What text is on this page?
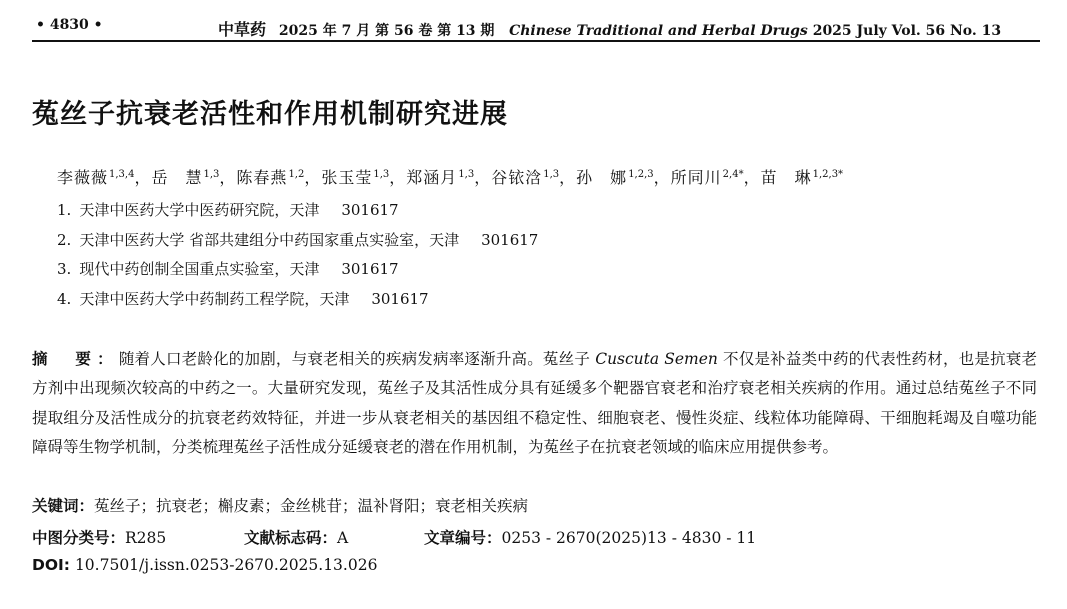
• 4830 •	中草药 2025 年 7 月 第 56 卷 第 13 期 Chinese Traditional and Herbal Drugs 2025 July Vol. 56 No. 13
菟丝子抗衰老活性和作用机制研究进展
李薇薇$^{1,3,4}$，岳　慧$^{1,3}$，陈春燕$^{1,2}$，张玉莹$^{1,3}$，郑涵月$^{1,3}$，谷铱浛$^{1,3}$，孙　娜$^{1,2,3}$，所同川$^{2,4*}$，苗　琳$^{1,2,3*}$
1. 天津中医药大学中医药研究院，天津 301617
2. 天津中医药大学 省部共建组分中药国家重点实验室，天津 301617
3. 现代中药创制全国重点实验室，天津 301617
4. 天津中医药大学中药制药工程学院，天津 301617
摘　要：随着人口老龄化的加剧，与衰老相关的疾病发病率逐渐升高。菟丝子 Cuscuta Semen 不仅是补益类中药的代表性药材，也是抗衰老方剂中出现频次较高的中药之一。大量研究发现，菟丝子及其活性成分具有延缓多个靶器官衰老和治疗衰老相关疾病的作用。通过总结菟丝子不同提取组分及活性成分的抗衰老药效特征，并进一步从衰老相关的基因组不稳定性、细胞衰老、慢性炎症、线粒体功能障碍、干细胞耗竭及自噬功能障碍等生物学机制，分类梳理菟丝子活性成分延缓衰老的潜在作用机制，为菟丝子在抗衰老领域的临床应用提供参考。
关键词：菟丝子；抗衰老；槲皮素；金丝桃苷；温补肾阳；衰老相关疾病
中图分类号：R285	文献标志码：A	文章编号：0253 - 2670(2025)13 - 4830 - 11
DOI: 10.7501/j.issn.0253-2670.2025.13.026
